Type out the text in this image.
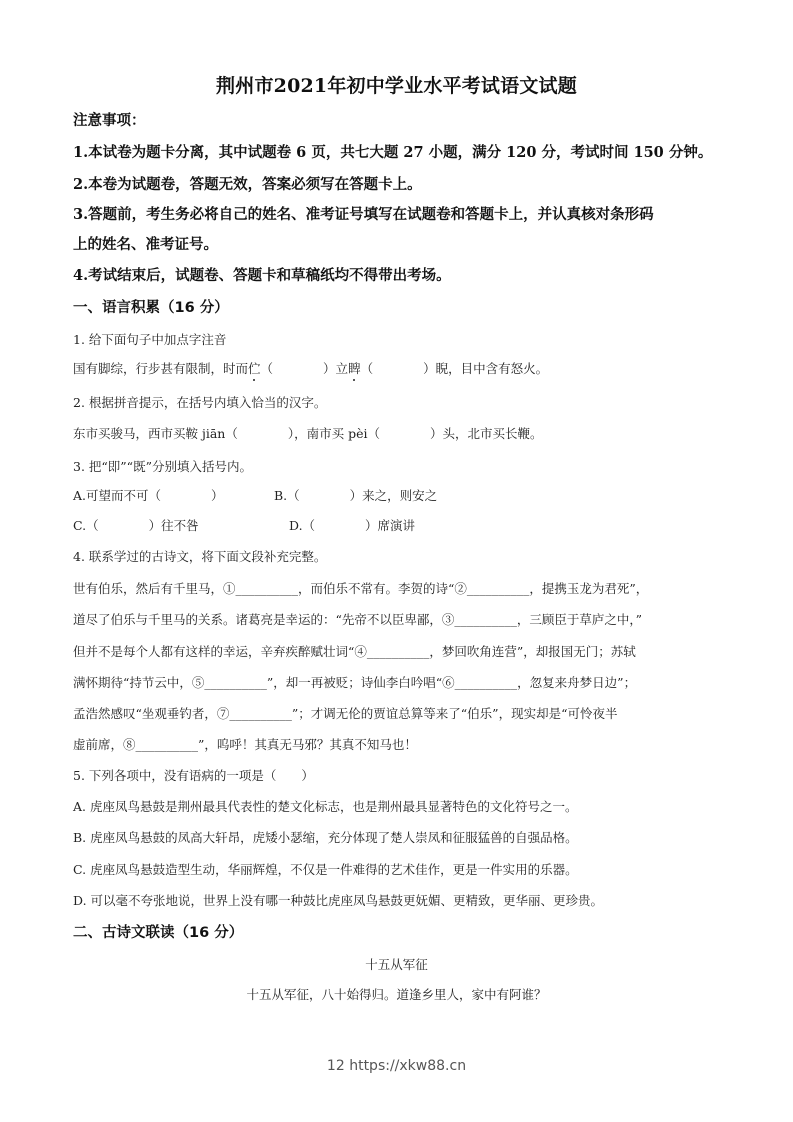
荆州市2021年初中学业水平考试语文试题
注意事项：
1.本试卷为题卡分离，其中试题卷 6 页，共七大题 27 小题，满分 120 分，考试时间 150 分钟。
2.本卷为试题卷，答题无效，答案必须写在答题卡上。
3.答题前，考生务必将自己的姓名、准考证号填写在试题卷和答题卡上，并认真核对条形码
上的姓名、准考证号。
4.考试结束后，试题卷、答题卡和草稿纸均不得带出考场。
一、语言积累（16 分）
1. 给下面句子中加点字注音
国有脚综，行步甚有限制，时而伫（　　　　）立睥（　　　　）睨，目中含有怒火。
2. 根据拼音提示，在括号内填入恰当的汉字。
东市买骏马，西市买鞍 jiān（　　　　），南市买 pèi（　　　　）头，北市买长鞭。
3. 把“即”“既”分别填入括号内。
A.可望而不可（　　　　）	B.（　　　　）来之，则安之
C.（　　　　）往不咎	D.（　　　　）席演讲
4. 联系学过的古诗文，将下面文段补充完整。
世有伯乐，然后有千里马，①__________，而伯乐不常有。李贺的诗“②__________，提携玉龙为君死”，
道尽了伯乐与千里马的关系。诸葛亮是幸运的：“先帝不以臣卑鄙，③__________，三顾臣于草庐之中，”
但并不是每个人都有这样的幸运，辛弃疾醉赋壮词“④__________，梦回吹角连营”，却报国无门；苏轼
满怀期待“持节云中，⑤__________”，却一再被贬；诗仙李白吟唱“⑥__________，忽复来舟梦日边”；
孟浩然感叹“坐观垂钓者，⑦__________”；才调无伦的贾谊总算等来了“伯乐”，现实却是“可怜夜半
虚前席，⑧__________”，呜呼！其真无马邪？其真不知马也！
5. 下列各项中，没有语病的一项是（　　）
A. 虎座凤鸟悬鼓是荆州最具代表性的楚文化标志，也是荆州最具显著特色的文化符号之一。
B. 虎座凤鸟悬鼓的凤高大轩昂，虎矮小瑟缩，充分体现了楚人崇凤和征服猛兽的自强品格。
C. 虎座凤鸟悬鼓造型生动，华丽辉煌，不仅是一件难得的艺术佳作，更是一件实用的乐器。
D. 可以毫不夸张地说，世界上没有哪一种鼓比虎座凤鸟悬鼓更妩媚、更精致，更华丽、更珍贵。
二、古诗文联读（16 分）
十五从军征
十五从军征，八十始得归。道逢乡里人，家中有阿谁？
12 https://xkw88.cn
